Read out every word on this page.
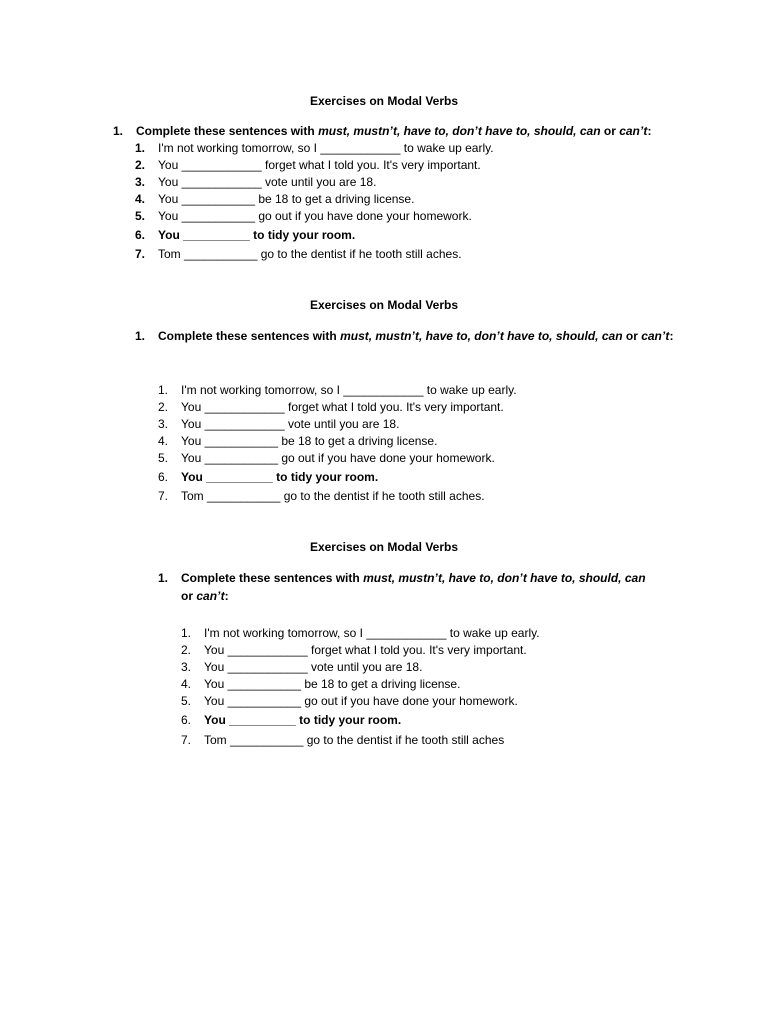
Exercises on Modal Verbs
1.	Complete these sentences with must, mustn’t, have to, don’t have to, should, can or can’t:
1. I'm not working tomorrow, so I ____________ to wake up early.
2. You ____________ forget what I told you. It's very important.
3. You ____________ vote until you are 18.
4. You ___________ be 18 to get a driving license.
5. You ___________ go out if you have done your homework.
6. You __________ to tidy your room.
7. Tom ___________ go to the dentist if he tooth still aches.
Exercises on Modal Verbs
1.	Complete these sentences with must, mustn’t, have to, don’t have to, should, can or can’t:
1. I'm not working tomorrow, so I ____________ to wake up early.
2. You ____________ forget what I told you. It's very important.
3. You ____________ vote until you are 18.
4. You ___________ be 18 to get a driving license.
5. You ___________ go out if you have done your homework.
6. You __________ to tidy your room.
7. Tom ___________ go to the dentist if he tooth still aches.
Exercises on Modal Verbs
1.	Complete these sentences with must, mustn’t, have to, don’t have to, should, can
or can’t:
1. I'm not working tomorrow, so I ____________ to wake up early.
2. You ____________ forget what I told you. It's very important.
3. You ____________ vote until you are 18.
4. You ___________ be 18 to get a driving license.
5. You ___________ go out if you have done your homework.
6. You __________ to tidy your room.
7. Tom ___________ go to the dentist if he tooth still aches
